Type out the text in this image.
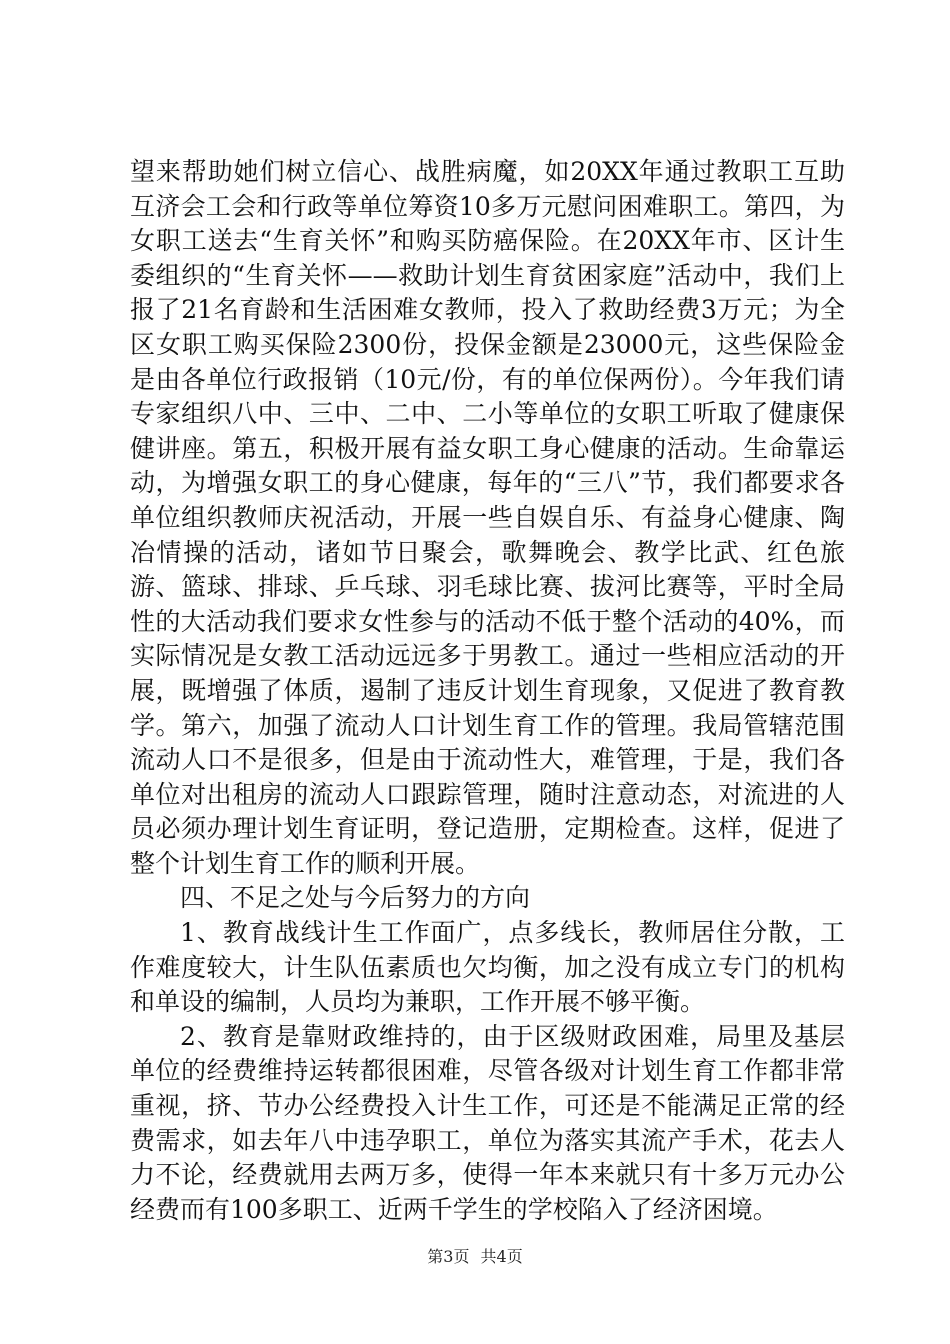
望来帮助她们树立信心、战胜病魔，如20XX年通过教职工互助互济会工会和行政等单位筹资10多万元慰问困难职工。第四，为女职工送去“生育关怀”和购买防癌保险。在20XX年市、区计生委组织的“生育关怀——救助计划生育贫困家庭”活动中，我们上报了21名育龄和生活困难女教师，投入了救助经费3万元；为全区女职工购买保险2300份，投保金额是23000元，这些保险金是由各单位行政报销（10元/份，有的单位保两份）。今年我们请专家组织八中、三中、二中、二小等单位的女职工听取了健康保健讲座。第五，积极开展有益女职工身心健康的活动。生命靠运动，为增强女职工的身心健康，每年的“三八”节，我们都要求各单位组织教师庆祝活动，开展一些自娱自乐、有益身心健康、陶冶情操的活动，诸如节日聚会，歌舞晚会、教学比武、红色旅游、篮球、排球、乒乓球、羽毛球比赛、拔河比赛等，平时全局性的大活动我们要求女性参与的活动不低于整个活动的40%，而实际情况是女教工活动远远多于男教工。通过一些相应活动的开展，既增强了体质，遏制了违反计划生育现象，又促进了教育教学。第六，加强了流动人口计划生育工作的管理。我局管辖范围流动人口不是很多，但是由于流动性大，难管理，于是，我们各单位对出租房的流动人口跟踪管理，随时注意动态，对流进的人员必须办理计划生育证明，登记造册，定期检查。这样，促进了整个计划生育工作的顺利开展。

四、不足之处与今后努力的方向

1、教育战线计生工作面广，点多线长，教师居住分散，工作难度较大，计生队伍素质也欠均衡，加之没有成立专门的机构和单设的编制，人员均为兼职，工作开展不够平衡。

2、教育是靠财政维持的，由于区级财政困难，局里及基层单位的经费维持运转都很困难，尽管各级对计划生育工作都非常重视，挤、节办公经费投入计生工作，可还是不能满足正常的经费需求，如去年八中违孕职工，单位为落实其流产手术，花去人力不论，经费就用去两万多，使得一年本来就只有十多万元办公经费而有100多职工、近两千学生的学校陷入了经济困境。

第3页 共4页
